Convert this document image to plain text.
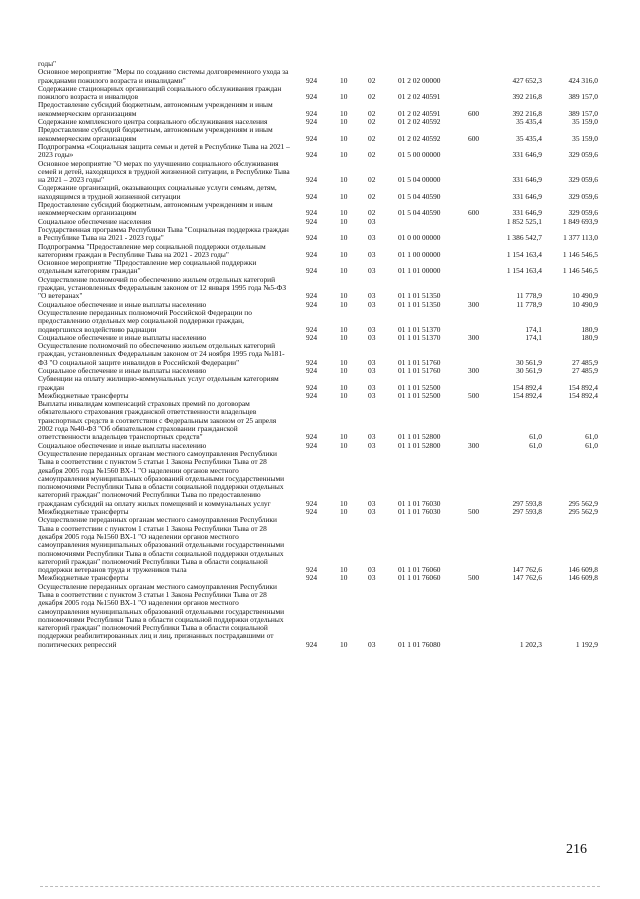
годы"
Основное мероприятие "Меры по созданию системы долговременного ухода за гражданами пожилого возраста и инвалидами"	924	10	02	01 2 02 00000	427 652,3	424 316,0
Содержание стационарных организаций социального обслуживания граждан пожилого возраста и инвалидов	924	10	02	01 2 02 40591	392 216,8	389 157,0
Предоставление субсидий бюджетным, автономным учреждениям и иным некоммерческим организациям	924	10	02	01 2 02 40591	600	392 216,8	389 157,0
Содержание комплексного центра социального обслуживания населения	924	10	02	01 2 02 40592	35 435,4	35 159,0
Предоставление субсидий бюджетным, автономным учреждениям и иным некоммерческим организациям	924	10	02	01 2 02 40592	600	35 435,4	35 159,0
Подпрограмма «Социальная защита семьи и детей в Республике Тыва на 2021 – 2023 годы»	924	10	02	01 5 00 00000	331 646,9	329 059,6
Основное мероприятие "О мерах по улучшению социального обслуживания семей и детей, находящихся в трудной жизненной ситуации, в Республике Тыва на 2021 – 2023 годы"	924	10	02	01 5 04 00000	331 646,9	329 059,6
Содержание организаций, оказывающих социальные услуги семьям, детям, находящимся в трудной жизненной ситуации	924	10	02	01 5 04 40590	331 646,9	329 059,6
Предоставление субсидий бюджетным, автономным учреждениям и иным некоммерческим организациям	924	10	02	01 5 04 40590	600	331 646,9	329 059,6
Социальное обеспечение населения	924	10	03	1 852 525,1	1 849 693,9
Государственная программа Республики Тыва "Социальная поддержка граждан в Республике Тыва на 2021 - 2023 годы"	924	10	03	01 0 00 00000	1 386 542,7	1 377 113,0
Подпрограмма "Предоставление мер социальной поддержки отдельным категориям граждан в Республике Тыва на 2021 - 2023 годы"	924	10	03	01 1 00 00000	1 154 163,4	1 146 546,5
Основное мероприятие "Предоставление мер социальной поддержки отдельным категориям граждан"	924	10	03	01 1 01 00000	1 154 163,4	1 146 546,5
Осуществление полномочий по обеспечению жильем отдельных категорий граждан, установленных Федеральным законом от 12 января 1995 года №5-ФЗ "О ветеранах"	924	10	03	01 1 01 51350	11 778,9	10 490,9
Социальное обеспечение и иные выплаты населению	924	10	03	01 1 01 51350	300	11 778,9	10 490,9
Осуществление переданных полномочий Российской Федерации по предоставлению отдельных мер социальной поддержки граждан, подвергшихся воздействию радиации	924	10	03	01 1 01 51370	174,1	180,9
Социальное обеспечение и иные выплаты населению	924	10	03	01 1 01 51370	300	174,1	180,9
Осуществление полномочий по обеспечению жильем отдельных категорий граждан, установленных Федеральным законом от 24 ноября 1995 года №181-ФЗ "О социальной защите инвалидов в Российской Федерации"	924	10	03	01 1 01 51760	30 561,9	27 485,9
Социальное обеспечение и иные выплаты населению	924	10	03	01 1 01 51760	300	30 561,9	27 485,9
Субвенции на оплату жилищно-коммунальных услуг отдельным категориям граждан	924	10	03	01 1 01 52500	154 892,4	154 892,4
Межбюджетные трансферты	924	10	03	01 1 01 52500	500	154 892,4	154 892,4
Выплаты инвалидам компенсаций страховых премий по договорам обязательного страхования гражданской ответственности владельцев транспортных средств в соответствии с Федеральным законом от 25 апреля 2002 года №40-ФЗ "Об обязательном страховании гражданской ответственности владельцев транспортных средств"	924	10	03	01 1 01 52800	61,0	61,0
Социальное обеспечение и иные выплаты населению	924	10	03	01 1 01 52800	300	61,0	61,0
Осуществление переданных органам местного самоуправления Республики Тыва в соответствии с пунктом 5 статьи 1 Закона Республики Тыва от 28 декабря 2005 года №1560 ВХ-1 "О наделении органов местного самоуправления муниципальных образований отдельными государственными полномочиями Республики Тыва в области социальной поддержки отдельных категорий граждан" полномочий Республики Тыва по предоставлению гражданам субсидий на оплату жилых помещений и коммунальных услуг	924	10	03	01 1 01 76030	297 593,8	295 562,9
Межбюджетные трансферты	924	10	03	01 1 01 76030	500	297 593,8	295 562,9
Осуществление переданных органам местного самоуправления Республики Тыва в соответствии с пунктом 1 статьи 1 Закона Республики Тыва от 28 декабря 2005 года №1560 ВХ-1 "О наделении органов местного самоуправления муниципальных образований отдельными государственными полномочиями Республики Тыва в области социальной поддержки отдельных категорий граждан" полномочий Республики Тыва в области социальной поддержки ветеранов труда и тружеников тыла	924	10	03	01 1 01 76060	147 762,6	146 609,8
Межбюджетные трансферты	924	10	03	01 1 01 76060	500	147 762,6	146 609,8
Осуществление переданных органам местного самоуправления Республики Тыва в соответствии с пунктом 3 статьи 1 Закона Республики Тыва от 28 декабря 2005 года №1560 ВХ-1 "О наделении органов местного самоуправления муниципальных образований отдельными государственными полномочиями Республики Тыва в области социальной поддержки отдельных категорий граждан" полномочий Республики Тыва в области социальной поддержки реабилитированных лиц и лиц, признанных пострадавшими от политических репрессий	924	10	03	01 1 01 76080	1 202,3	1 192,9
216
